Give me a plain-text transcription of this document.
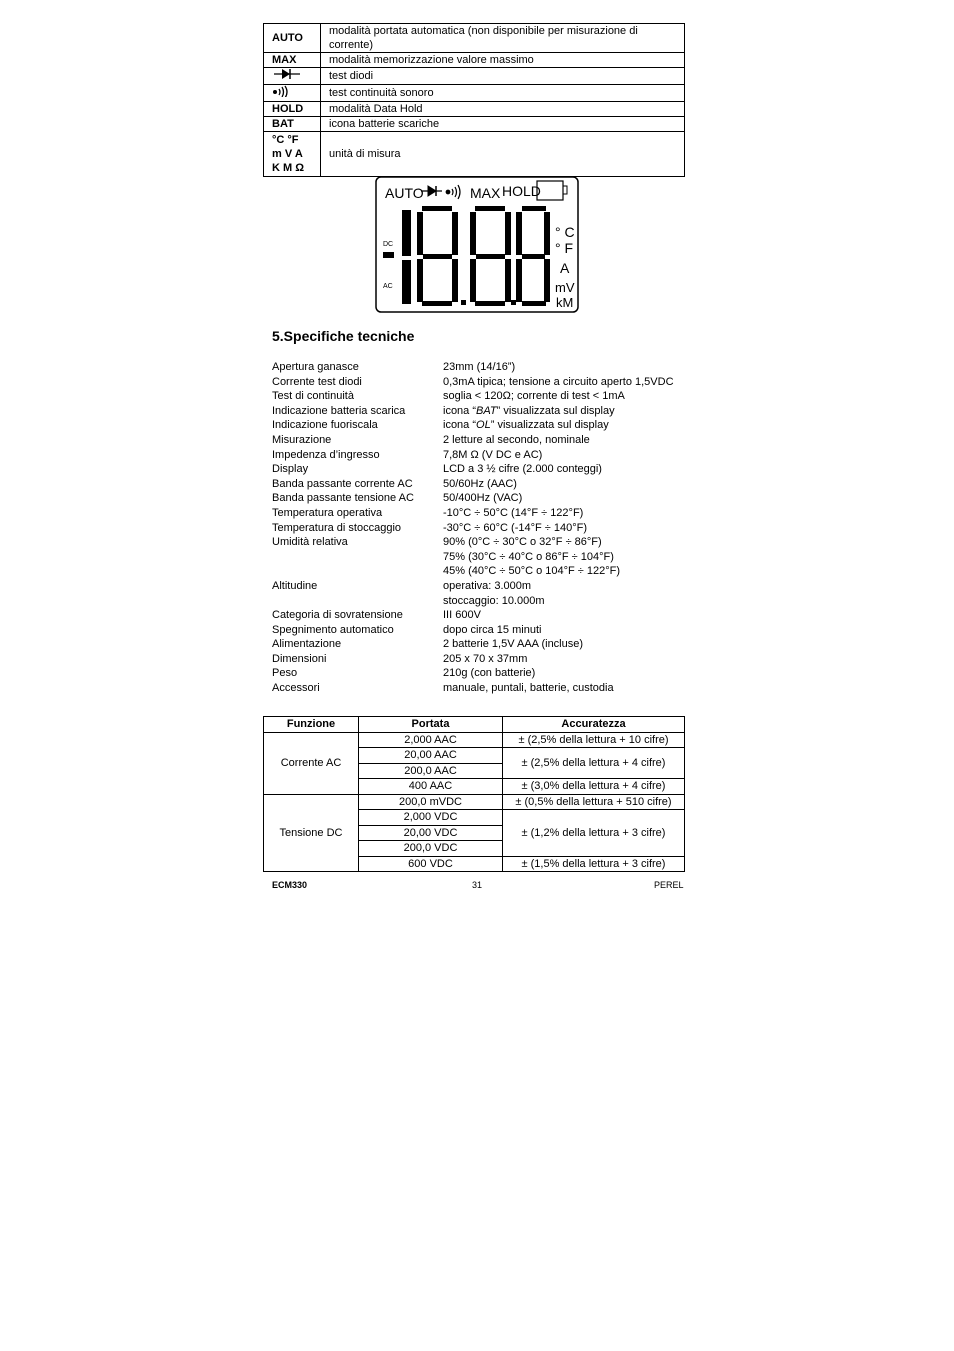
AUTO	modalità portata automatica (non disponibile per misurazione di corrente)
MAX	modalità memorizzazione valore massimo
	test diodi
	test continuità sonoro
HOLD	modalità Data Hold
BAT	icona batterie scariche

°C °F
m V A
K M Ω	unità di misura
AUTO	MAX HOLD
DC
AC
° C
° F
A
mV
kM
5.Specifiche tecniche
Apertura ganasce	23mm (14/16”)
Corrente test diodi	0,3mA tipica; tensione a circuito aperto 1,5VDC
Test di continuità	soglia < 120Ω; corrente di test < 1mA
Indicazione batteria scarica	icona “BAT” visualizzata sul display
Indicazione fuoriscala	icona “OL” visualizzata sul display
Misurazione	2 letture al secondo, nominale
Impedenza d’ingresso	7,8M Ω (V DC e AC)
Display	LCD a 3 ½ cifre (2.000 conteggi)
Banda passante corrente AC	50/60Hz (AAC)
Banda passante tensione AC	50/400Hz (VAC)
Temperatura operativa	-10°C ÷ 50°C (14°F ÷ 122°F)
Temperatura di stoccaggio	-30°C ÷ 60°C (-14°F ÷ 140°F)
Umidità relativa	90% (0°C ÷ 30°C o 32°F ÷ 86°F)
75% (30°C ÷ 40°C o 86°F ÷ 104°F)
45% (40°C ÷ 50°C o 104°F ÷ 122°F)
Altitudine	operativa: 3.000m
stoccaggio: 10.000m
Categoria di sovratensione	III 600V
Spegnimento automatico	dopo circa 15 minuti
Alimentazione	2 batterie 1,5V AAA (incluse)
Dimensioni	205 x 70 x 37mm
Peso	210g (con batterie)
Accessori	manuale, puntali, batterie, custodia
Funzione	Portata	Accuratezza
Corrente AC	2,000 AAC	± (2,5% della lettura + 10 cifre)
	20,00 AAC	± (2,5% della lettura + 4 cifre)
	200,0 AAC	
	400 AAC	± (3,0% della lettura + 4 cifre)
Tensione DC	200,0 mVDC	± (0,5% della lettura + 510 cifre)
	2,000 VDC	± (1,2% della lettura + 3 cifre)
	20,00 VDC	
	200,0 VDC	
	600 VDC	± (1,5% della lettura + 3 cifre)
ECM330	31	PEREL
